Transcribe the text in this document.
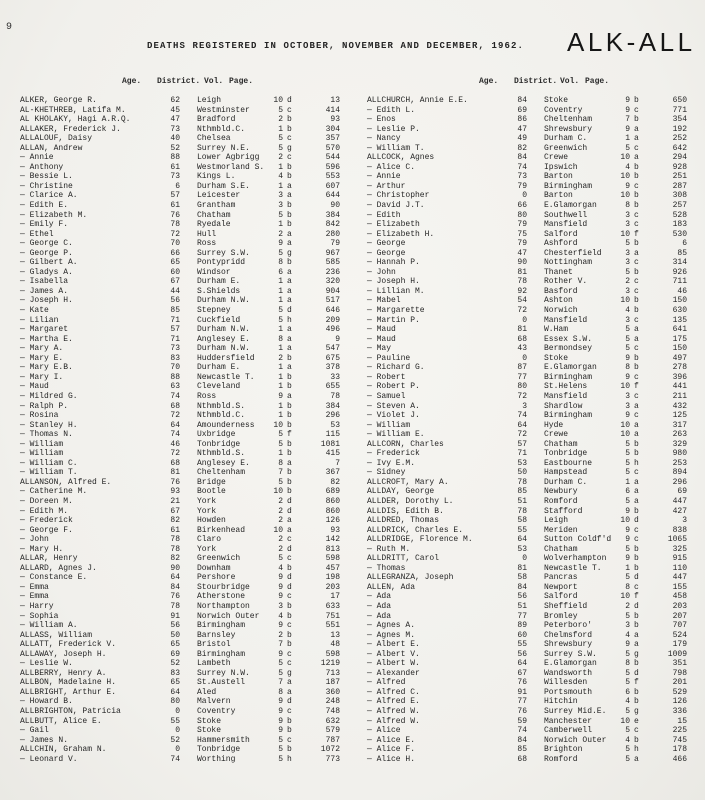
9
DEATHS REGISTERED IN OCTOBER, NOVEMBER AND DECEMBER, 1962. ALK-ALL
Age. District. Vol. Page.	Age. District. Vol. Page.
ALKER, George R.	62	Leigh	10 d	13
AL-KHETHREB, Latifa M.	45	Westminster	5 c	414
AL KHOLAKY, Hagi A.R.Q.	47	Bradford	2 b	93
ALLAKER, Frederick J.	73	Nthmbld.C.	1 b	304
ALLALOUF, Daisy	40	Chelsea	5 c	357
ALLAN, Andrew	52	Surrey N.E.	5 g	570
— Annie	88	Lower Agbrigg	2 c	544
— Anthony	61	Westmorland S.	1 b	596
— Bessie L.	73	Kings L.	4 b	553
— Christine	6	Durham S.E.	1 a	607
— Clarice A.	57	Leicester	3 a	644
— Edith E.	61	Grantham	3 b	90
— Elizabeth M.	76	Chatham	5 b	384
— Emily F.	78	Ryedale	1 b	842
— Ethel	72	Hull	2 a	280
— George C.	70	Ross	9 a	79
— George P.	66	Surrey S.W.	5 g	967
— Gilbert A.	65	Pontypridd	8 b	585
— Gladys A.	60	Windsor	6 a	236
— Isabella	67	Durham E.	1 a	320
— James A.	44	S.Shields	1 a	904
— Joseph H.	56	Durham N.W.	1 a	517
— Kate	85	Stepney	5 d	646
— Lilian	71	Cuckfield	5 h	209
— Margaret	57	Durham N.W.	1 a	496
— Martha E.	71	Anglesey E.	8 a	9
— Mary A.	73	Durham N.W.	1 a	547
— Mary E.	83	Huddersfield	2 b	675
— Mary E.B.	70	Durham E.	1 a	378
— Mary I.	88	Newcastle T.	1 b	33
— Maud	63	Cleveland	1 b	655
— Mildred G.	74	Ross	9 a	78
— Ralph P.	68	Nthmbld.S.	1 b	384
— Rosina	72	Nthmbld.C.	1 b	296
— Stanley H.	64	Amounderness	10 b	53
— Thomas N.	74	Uxbridge	5 f	115
— William	46	Tonbridge	5 b	1081
— William	72	Nthmbld.S.	1 b	415
— William C.	68	Anglesey E.	8 a	7
— William T.	81	Cheltenham	7 b	367
ALLANSON, Alfred E.	76	Bridge	5 b	82
— Catherine M.	93	Bootle	10 b	689
— Doreen M.	21	York	2 d	860
— Edith M.	67	York	2 d	860
— Frederick	82	Howden	2 a	126
— George F.	61	Birkenhead	10 a	93
— John	78	Claro	2 c	142
— Mary H.	78	York	2 d	813
ALLAR, Henry	82	Greenwich	5 c	598
ALLARD, Agnes J.	90	Downham	4 b	457
— Constance E.	64	Pershore	9 d	198
— Emma	84	Stourbridge	9 d	203
— Emma	76	Atherstone	9 c	17
— Harry	78	Northampton	3 b	633
— Sophia	91	Norwich Outer	4 b	751
— William A.	56	Birmingham	9 c	551
ALLASS, William	50	Barnsley	2 b	13
ALLATT, Frederick V.	65	Bristol	7 b	48
ALLAWAY, Joseph H.	69	Birmingham	9 c	598
— Leslie W.	52	Lambeth	5 c	1219
ALLBERRY, Henry A.	83	Surrey N.W.	5 g	713
ALLBON, Madelaine H.	65	St.Austell	7 a	187
ALLBRIGHT, Arthur E.	64	Aled	8 a	360
— Howard B.	80	Malvern	9 d	248
ALLBRIGHTON, Patricia	0	Coventry	9 c	748
ALLBUTT, Alice E.	55	Stoke	9 b	632
— Gail	0	Stoke	9 b	579
— James N.	52	Hammersmith	5 c	787
ALLCHIN, Graham N.	0	Tonbridge	5 b	1072
— Leonard V.	74	Worthing	5 h	773
ALLCHURCH, Annie E.E.	84	Stoke	9 b	650
— Edith L.	69	Coventry	9 c	771
— Enos	86	Cheltenham	7 b	354
— Leslie P.	47	Shrewsbury	9 a	192
— Nancy	49	Durham C.	1 a	252
— William T.	82	Greenwich	5 c	642
ALLCOCK, Agnes	84	Crewe	10 a	294
— Alice C.	74	Ipswich	4 b	928
— Annie	73	Barton	10 b	251
— Arthur	79	Birmingham	9 c	287
— Christopher	0	Barton	10 b	308
— David J.T.	66	E.Glamorgan	8 b	257
— Edith	80	Southwell	3 c	528
— Elizabeth	79	Mansfield	3 c	183
— Elizabeth H.	75	Salford	10 f	530
— George	79	Ashford	5 b	6
— George	47	Chesterfield	3 a	85
— Hannah P.	90	Nottingham	3 c	314
— John	81	Thanet	5 b	926
— Joseph H.	78	Rother V.	2 c	711
— Lillian M.	92	Basford	3 c	46
— Mabel	54	Ashton	10 b	150
— Margarette	72	Norwich	4 b	630
— Martin P.	0	Mansfield	3 c	135
— Maud	81	W.Ham	5 a	641
— Maud	68	Essex S.W.	5 a	175
— May	43	Bermondsey	5 c	150
— Pauline	0	Stoke	9 b	497
— Richard G.	87	E.Glamorgan	8 b	278
— Robert	77	Birmingham	9 c	396
— Robert P.	80	St.Helens	10 f	441
— Samuel	72	Mansfield	3 c	211
— Steven A.	3	Shardlow	3 a	432
— Violet J.	74	Birmingham	9 c	125
— William	64	Hyde	10 a	317
— William E.	72	Crewe	10 a	263
ALLCORN, Charles	57	Chatham	5 b	329
— Frederick	71	Tonbridge	5 b	980
— Ivy E.M.	53	Eastbourne	5 h	253
— Sidney	50	Hampstead	5 c	894
ALLCROFT, Mary A.	78	Durham C.	1 a	296
ALLDAY, George	85	Newbury	6 a	69
ALLDER, Dorothy L.	51	Romford	5 a	447
ALLDIS, Edith B.	78	Stafford	9 b	427
ALLDRED, Thomas	58	Leigh	10 d	3
ALLDRICK, Charles E.	55	Meriden	9 c	838
ALLDRIDGE, Florence M.	64	Sutton Coldf'd	9 c	1065
— Ruth M.	53	Chatham	5 b	325
ALLDRITT, Carol	0	Wolverhampton	9 b	915
— Thomas	81	Newcastle T.	1 b	110
ALLEGRANZA, Joseph	58	Pancras	5 d	447
ALLEN, Ada	84	Newport	8 c	155
— Ada	56	Salford	10 f	458
— Ada	51	Sheffield	2 d	203
— Ada	77	Bromley	5 b	207
— Agnes A.	89	Peterboro'	3 b	707
— Agnes M.	60	Chelmsford	4 a	524
— Albert E.	55	Shrewsbury	9 a	179
— Albert V.	56	Surrey S.W.	5 g	1009
— Albert W.	64	E.Glamorgan	8 b	351
— Alexander	67	Wandsworth	5 d	798
— Alfred	76	Willesden	5 f	201
— Alfred C.	91	Portsmouth	6 b	529
— Alfred E.	77	Hitchin	4 b	126
— Alfred W.	76	Surrey Mid.E.	5 g	336
— Alfred W.	59	Manchester	10 e	15
— Alice	74	Camberwell	5 c	225
— Alice E.	84	Norwich Outer	4 b	745
— Alice F.	85	Brighton	5 h	178
— Alice H.	68	Romford	5 a	466
